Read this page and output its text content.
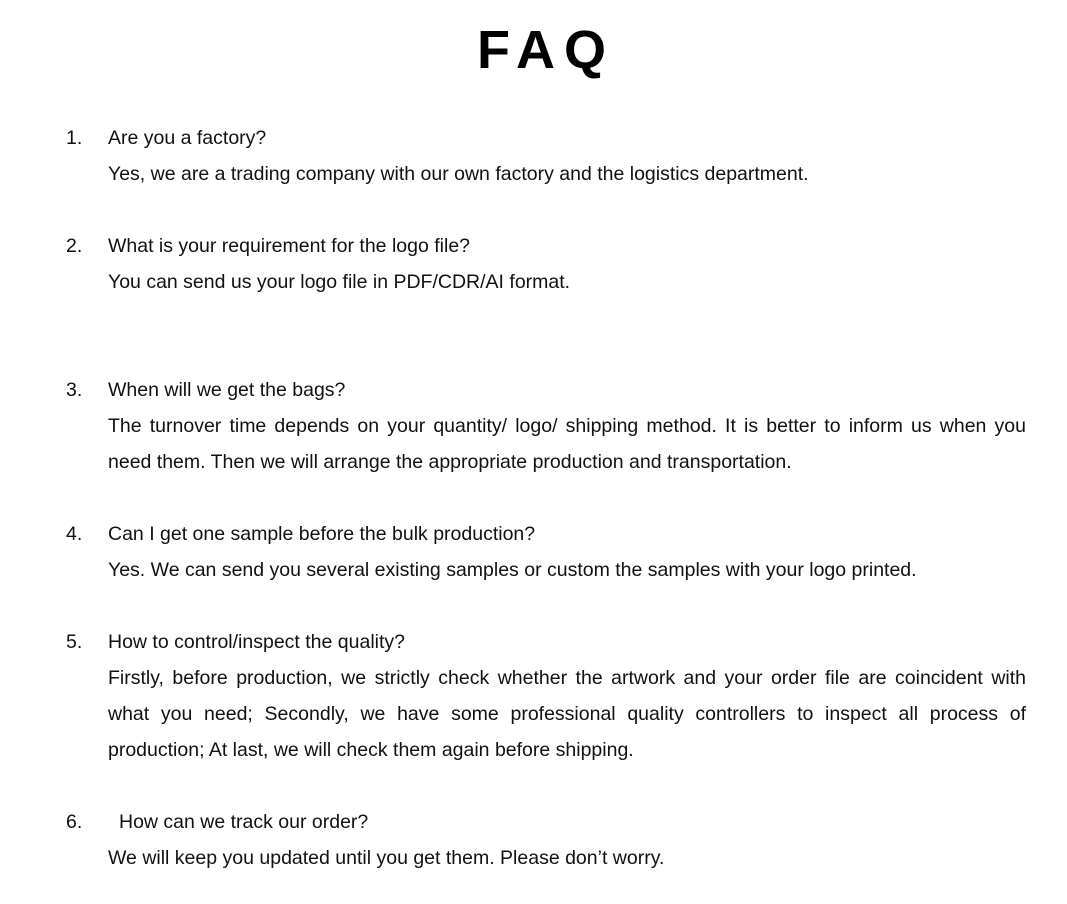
FAQ
1.	Are you a factory?
Yes, we are a trading company with our own factory and the logistics department.
2.	What is your requirement for the logo file?
You can send us your logo file in PDF/CDR/AI format.
3.	When will we get the bags?
The turnover time depends on your quantity/ logo/ shipping method. It is better to inform us when you need them. Then we will arrange the appropriate production and transportation.
4.	Can I get one sample before the bulk production?
Yes. We can send you several existing samples or custom the samples with your logo printed.
5.	How to control/inspect the quality?
Firstly, before production, we strictly check whether the artwork and your order file are coincident with what you need; Secondly, we have some professional quality controllers to inspect all process of production; At last, we will check them again before shipping.
6.	How can we track our order?
We will keep you updated until you get them. Please don’t worry.
